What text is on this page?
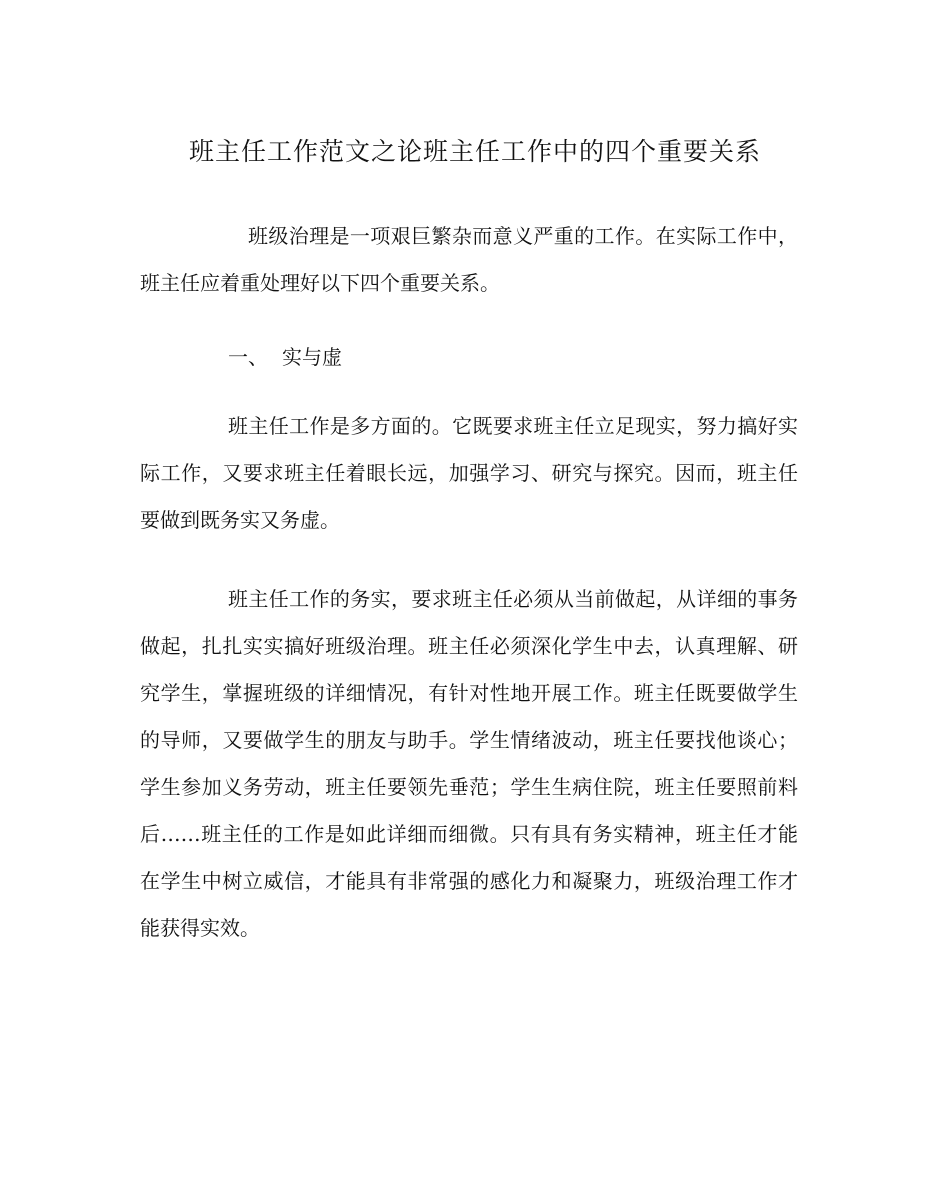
班主任工作范文之论班主任工作中的四个重要关系

班级治理是一项艰巨繁杂而意义严重的工作。在实际工作中，班主任应着重处理好以下四个重要关系。

一、 实与虚

班主任工作是多方面的。它既要求班主任立足现实，努力搞好实际工作，又要求班主任着眼长远，加强学习、研究与探究。因而，班主任要做到既务实又务虚。

班主任工作的务实，要求班主任必须从当前做起，从详细的事务做起，扎扎实实搞好班级治理。班主任必须深化学生中去，认真理解、研究学生，掌握班级的详细情况，有针对性地开展工作。班主任既要做学生的导师，又要做学生的朋友与助手。学生情绪波动，班主任要找他谈心；学生参加义务劳动，班主任要领先垂范；学生生病住院，班主任要照前料后……班主任的工作是如此详细而细微。只有具有务实精神，班主任才能在学生中树立威信，才能具有非常强的感化力和凝聚力，班级治理工作才能获得实效。
